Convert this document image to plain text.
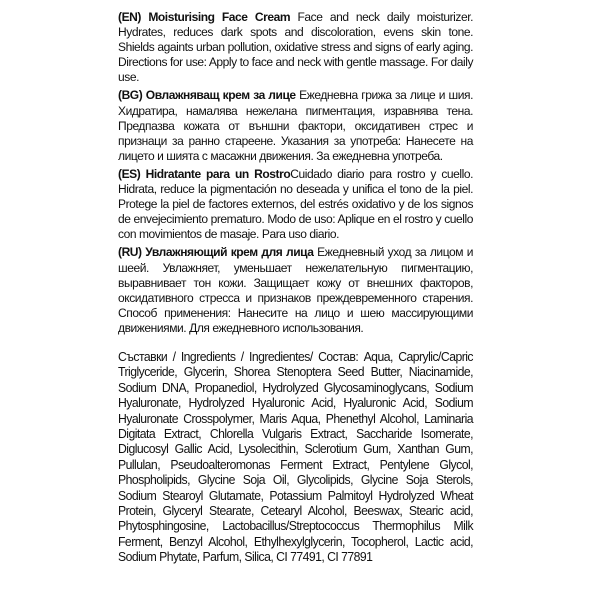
(EN) Moisturising Face Cream Face and neck daily moisturizer. Hydrates, reduces dark spots and discoloration, evens skin tone. Shields againts urban pollution, oxidative stress and signs of early aging. Directions for use: Apply to face and neck with gentle massage. For daily use.

(BG) Овлажняващ крем за лице Ежедневна грижа за лице и шия. Хидратира, намалява нежелана пигментация, изравнява тена. Предпазва кожата от външни фактори, оксидативен стрес и признаци за ранно стареене. Указания за употреба: Нанесете на лицето и шията с масажни движения. За ежедневна употреба.

(ES) Hidratante para un RostroCuidado diario para rostro y cuello. Hidrata, reduce la pigmentación no deseada y unifica el tono de la piel. Protege la piel de factores externos, del estrés oxidativo y de los signos de envejecimiento prematuro. Modo de uso: Aplique en el rostro y cuello con movimientos de masaje. Para uso diario.

(RU) Увлажняющий крем для лица Ежедневный уход за лицом и шеей. Увлажняет, уменьшает нежелательную пигментацию, выравнивает тон кожи. Защищает кожу от внешних факторов, оксидативного стресса и признаков преждевременного старения. Способ применения: Нанесите на лицо и шею массирующими движениями. Для ежедневного использования.

Съставки / Ingredients / Ingredientes/ Состав: Aqua, Caprylic/Capric Triglyceride, Glycerin, Shorea Stenoptera Seed Butter, Niacinamide, Sodium DNA, Propanediol, Hydrolyzed Glycosaminoglycans, Sodium Hyaluronate, Hydrolyzed Hyaluronic Acid, Hyaluronic Acid, Sodium Hyaluronate Crosspolymer, Maris Aqua, Phenethyl Alcohol, Laminaria Digitata Extract, Chlorella Vulgaris Extract, Saccharide Isomerate, Diglucosyl Gallic Acid, Lysolecithin, Sclerotium Gum, Xanthan Gum, Pullulan, Pseudoalteromonas Ferment Extract, Pentylene Glycol, Phospholipids, Glycine Soja Oil, Glycolipids, Glycine Soja Sterols, Sodium Stearoyl Glutamate, Potassium Palmitoyl Hydrolyzed Wheat Protein, Glyceryl Stearate, Cetearyl Alcohol, Beeswax, Stearic acid, Phytosphingosine, Lactobacillus/Streptococcus Thermophilus Milk Ferment, Benzyl Alcohol, Ethylhexylglycerin, Tocopherol, Lactic acid, Sodium Phytate, Parfum, Silica, CI 77491, CI 77891
